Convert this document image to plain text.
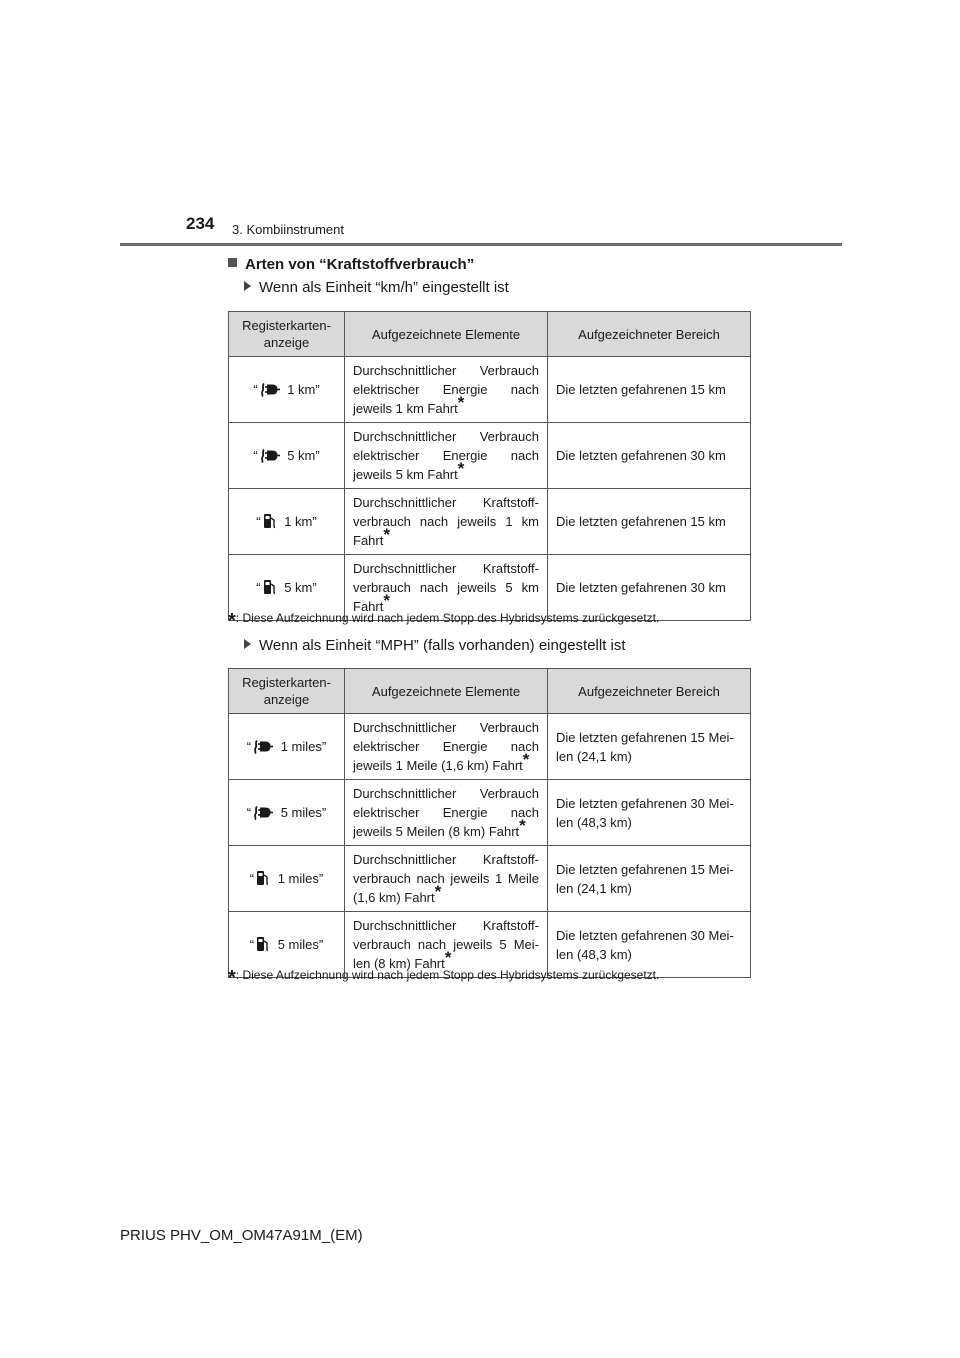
234 3. Kombiinstrument
Arten von “Kraftstoffverbrauch”
Wenn als Einheit “km/h” eingestellt ist
Registerkarten-anzeige	Aufgezeichnete Elemente	Aufgezeichneter Bereich
“ 1 km”	Durchschnittlicher Verbrauch elektrischer Energie nach jeweils 1 km Fahrt*	Die letzten gefahrenen 15 km
“ 5 km”	Durchschnittlicher Verbrauch elektrischer Energie nach jeweils 5 km Fahrt*	Die letzten gefahrenen 30 km
“ 1 km”	Durchschnittlicher Kraftstoff-verbrauch nach jeweils 1 km Fahrt*	Die letzten gefahrenen 15 km
“ 5 km”	Durchschnittlicher Kraftstoff-verbrauch nach jeweils 5 km Fahrt*	Die letzten gefahrenen 30 km
*: Diese Aufzeichnung wird nach jedem Stopp des Hybridsystems zurückgesetzt.
Wenn als Einheit “MPH” (falls vorhanden) eingestellt ist
Registerkarten-anzeige	Aufgezeichnete Elemente	Aufgezeichneter Bereich
“ 1 miles”	Durchschnittlicher Verbrauch elektrischer Energie nach jeweils 1 Meile (1,6 km) Fahrt*	Die letzten gefahrenen 15 Mei-len (24,1 km)
“ 5 miles”	Durchschnittlicher Verbrauch elektrischer Energie nach jeweils 5 Meilen (8 km) Fahrt*	Die letzten gefahrenen 30 Mei-len (48,3 km)
“ 1 miles”	Durchschnittlicher Kraftstoff-verbrauch nach jeweils 1 Meile (1,6 km) Fahrt*	Die letzten gefahrenen 15 Mei-len (24,1 km)
“ 5 miles”	Durchschnittlicher Kraftstoff-verbrauch nach jeweils 5 Mei-len (8 km) Fahrt*	Die letzten gefahrenen 30 Mei-len (48,3 km)
*: Diese Aufzeichnung wird nach jedem Stopp des Hybridsystems zurückgesetzt.
PRIUS PHV_OM_OM47A91M_(EM)
